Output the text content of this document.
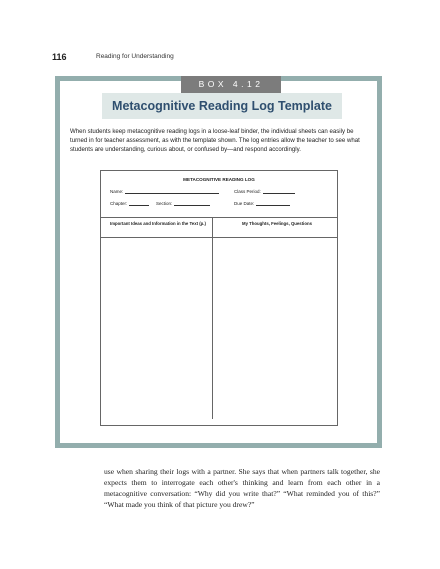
116	Reading for Understanding
BOX 4.12
Metacognitive Reading Log Template

When students keep metacognitive reading logs in a loose-leaf binder, the individual sheets can easily be turned in for teacher assessment, as with the template shown. The log entries allow the teacher to see what students are understanding, curious about, or confused by—and respond accordingly.

METACOGNITIVE READING LOG
Name:	Class Period:
Chapter:	Section:	Due Date:
Important Ideas and Information in the Text (p.)	My Thoughts, Feelings, Questions

use when sharing their logs with a partner. She says that when partners talk together, she expects them to interrogate each other's thinking and learn from each other in a metacognitive conversation: “Why did you write that?” “What reminded you of this?” “What made you think of that picture you drew?”
